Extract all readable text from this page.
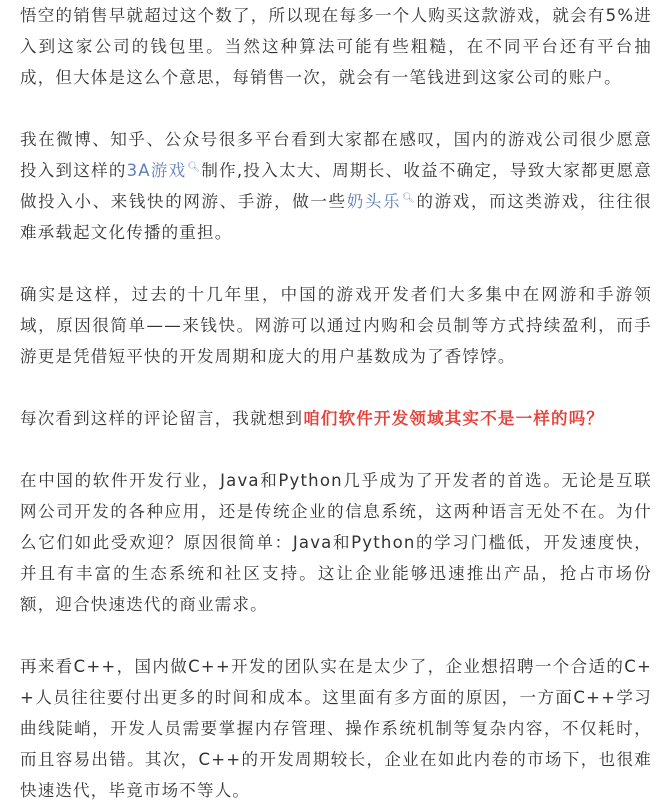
悟空的销售早就超过这个数了，所以现在每多一个人购买这款游戏，就会有5%进入到这家公司的钱包里。当然这种算法可能有些粗糙，在不同平台还有平台抽成，但大体是这么个意思，每销售一次，就会有一笔钱进到这家公司的账户。

我在微博、知乎、公众号很多平台看到大家都在感叹，国内的游戏公司很少愿意投入到这样的3A游戏🔍︎制作,投入太大、周期长、收益不确定，导致大家都更愿意做投入小、来钱快的网游、手游，做一些奶头乐🔍︎的游戏，而这类游戏，往往很难承载起文化传播的重担。

确实是这样，过去的十几年里，中国的游戏开发者们大多集中在网游和手游领域，原因很简单——来钱快。网游可以通过内购和会员制等方式持续盈利，而手游更是凭借短平快的开发周期和庞大的用户基数成为了香饽饽。

每次看到这样的评论留言，我就想到咱们软件开发领域其实不是一样的吗？

在中国的软件开发行业，Java和Python几乎成为了开发者的首选。无论是互联网公司开发的各种应用，还是传统企业的信息系统，这两种语言无处不在。为什么它们如此受欢迎？原因很简单：Java和Python的学习门槛低，开发速度快，并且有丰富的生态系统和社区支持。这让企业能够迅速推出产品，抢占市场份额，迎合快速迭代的商业需求。

再来看C++，国内做C++开发的团队实在是太少了，企业想招聘一个合适的C++人员往往要付出更多的时间和成本。这里面有多方面的原因，一方面C++学习曲线陡峭，开发人员需要掌握内存管理、操作系统机制等复杂内容，不仅耗时，而且容易出错。其次，C++的开发周期较长，企业在如此内卷的市场下，也很难快速迭代，毕竟市场不等人。
